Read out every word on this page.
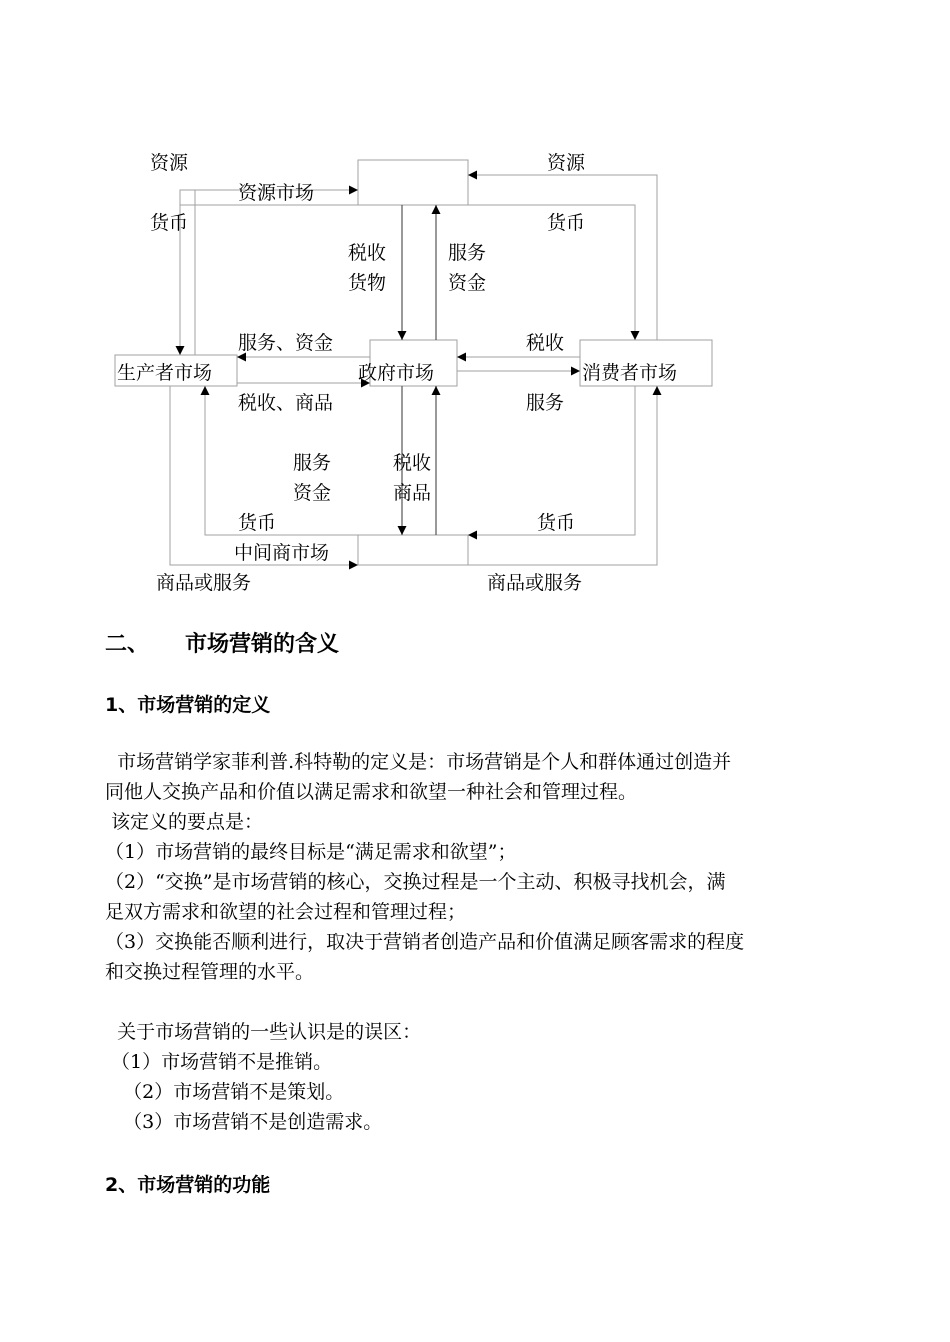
资源市场
生产者市场	政府市场	消费者市场
中间商市场
资源
货币
资源
货币
税收
货物
服务
资金
服务、资金
税收、商品
税收
服务
服务
资金
税收
商品
货币	货币
商品或服务	商品或服务
二、 市场营销的含义
1、市场营销的定义
市场营销学家菲利普.科特勒的定义是：市场营销是个人和群体通过创造并
同他人交换产品和价值以满足需求和欲望一种社会和管理过程。
该定义的要点是：
（1）市场营销的最终目标是“满足需求和欲望”；
（2）“交换”是市场营销的核心，交换过程是一个主动、积极寻找机会，满
足双方需求和欲望的社会过程和管理过程；
（3）交换能否顺利进行，取决于营销者创造产品和价值满足顾客需求的程度
和交换过程管理的水平。
关于市场营销的一些认识是的误区：
（1）市场营销不是推销。
（2）市场营销不是策划。
（3）市场营销不是创造需求。
2、市场营销的功能
